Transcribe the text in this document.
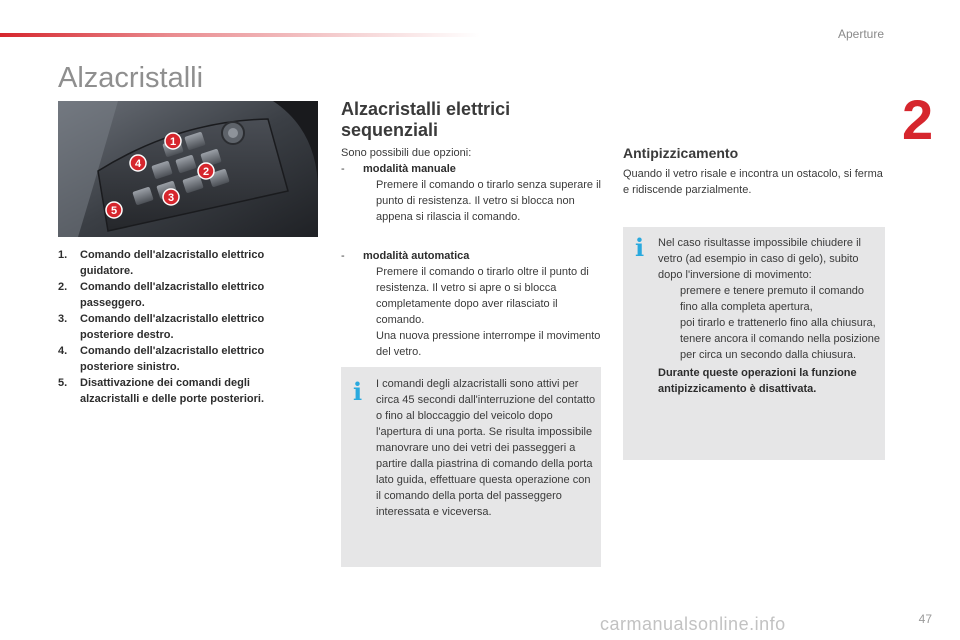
Aperture
2
Alzacristalli
1
2
3
4
5
1.	Comando dell'alzacristallo elettrico guidatore.
2.	Comando dell'alzacristallo elettrico passeggero.
3.	Comando dell'alzacristallo elettrico posteriore destro.
4.	Comando dell'alzacristallo elettrico posteriore sinistro.
5.	Disattivazione dei comandi degli alzacristalli e delle porte posteriori.
Alzacristalli elettrici sequenziali

Sono possibili due opzioni:

-	modalità manuale
Premere il comando o tirarlo senza superare il punto di resistenza. Il vetro si blocca non appena si rilascia il comando.
-	modalità automatica
Premere il comando o tirarlo oltre il punto di resistenza. Il vetro si apre o si blocca completamente dopo aver rilasciato il comando.
Una nuova pressione interrompe il movimento del vetro.
i I comandi degli alzacristalli sono attivi per circa 45 secondi dall'interruzione del contatto o fino al bloccaggio del veicolo dopo l'apertura di una porta. Se risulta impossibile manovrare uno dei vetri dei passeggeri a partire dalla piastrina di comando della porta lato guida, effettuare questa operazione con il comando della porta del passeggero interessata e viceversa.

Antipizzicamento

Quando il vetro risale e incontra un ostacolo, si ferma e ridiscende parzialmente.

i Nel caso risultasse impossibile chiudere il vetro (ad esempio in caso di gelo), subito dopo l'inversione di movimento:

premere e tenere premuto il comando fino alla completa apertura,
poi tirarlo e trattenerlo fino alla chiusura,
tenere ancora il comando nella posizione per circa un secondo dalla chiusura.

Durante queste operazioni la funzione antipizzicamento è disattivata.

carmanualsonline.info	47
